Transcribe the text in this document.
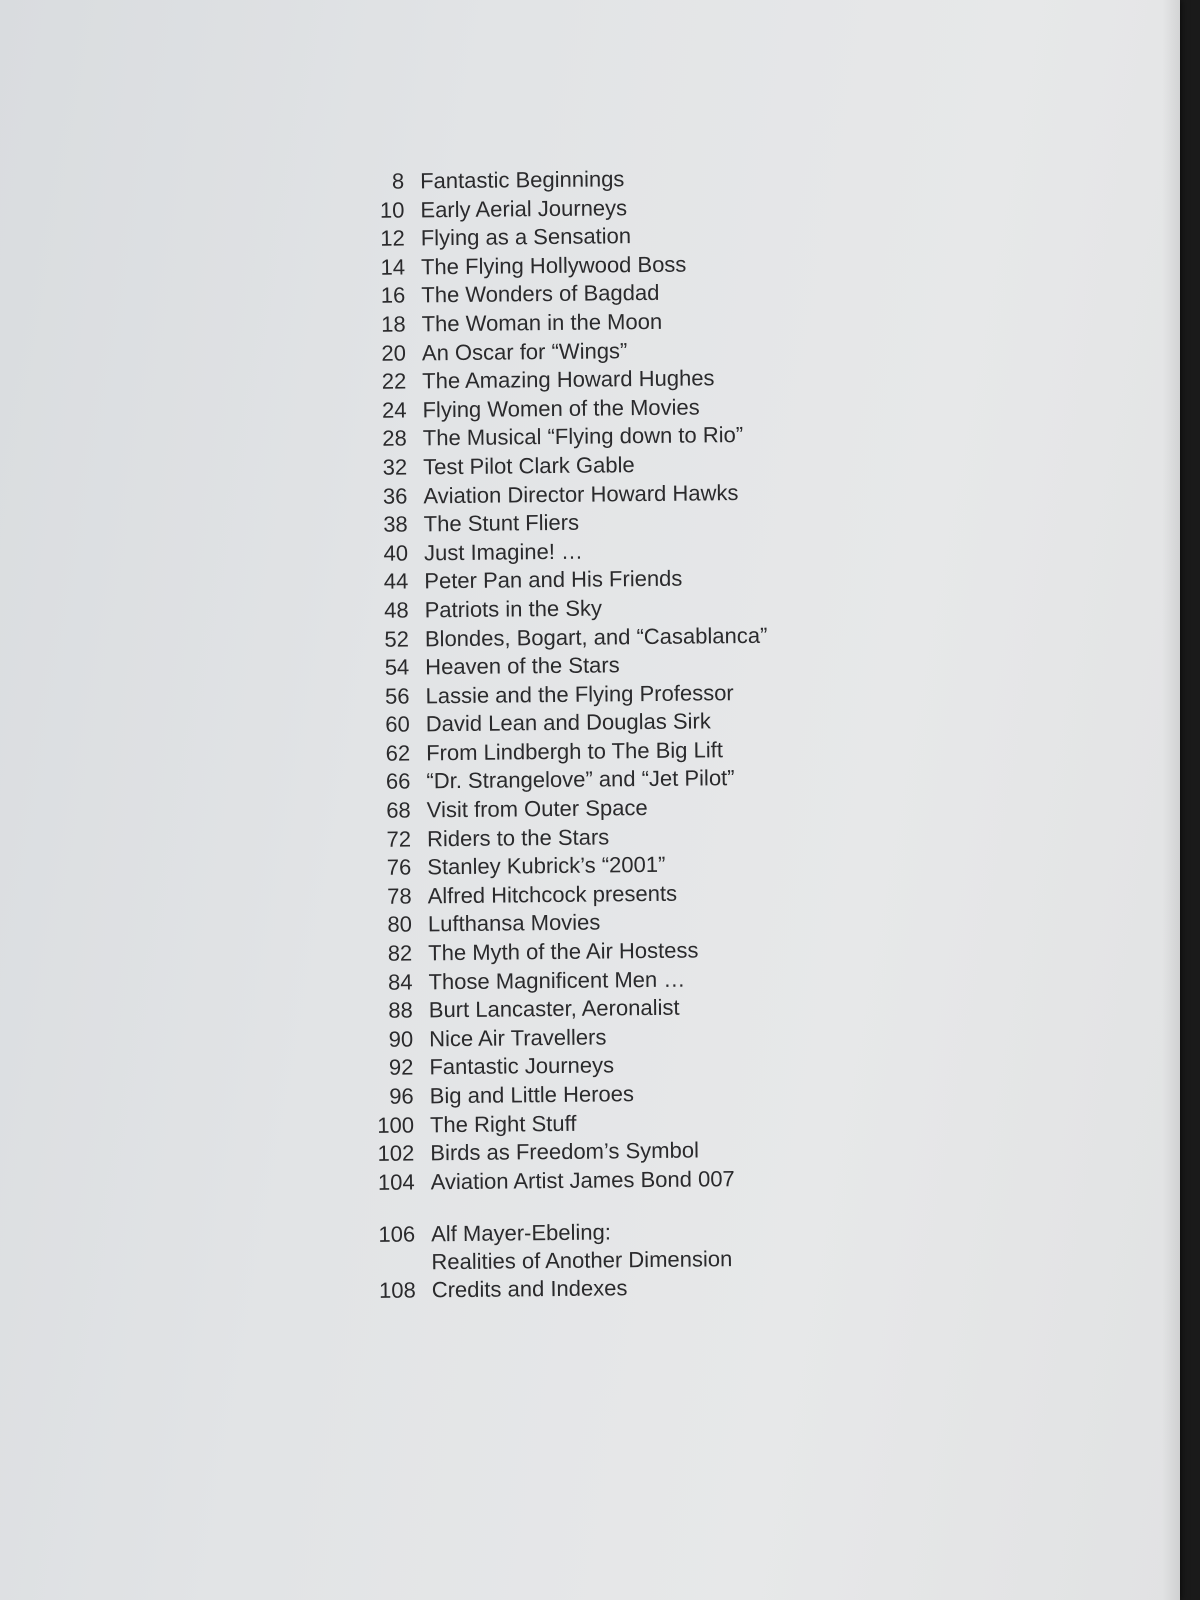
8 Fantastic Beginnings
10 Early Aerial Journeys
12 Flying as a Sensation
14 The Flying Hollywood Boss
16 The Wonders of Bagdad
18 The Woman in the Moon
20 An Oscar for “Wings”
22 The Amazing Howard Hughes
24 Flying Women of the Movies
28 The Musical “Flying down to Rio”
32 Test Pilot Clark Gable
36 Aviation Director Howard Hawks
38 The Stunt Fliers
40 Just Imagine! …
44 Peter Pan and His Friends
48 Patriots in the Sky
52 Blondes, Bogart, and “Casablanca”
54 Heaven of the Stars
56 Lassie and the Flying Professor
60 David Lean and Douglas Sirk
62 From Lindbergh to The Big Lift
66 “Dr. Strangelove” and “Jet Pilot”
68 Visit from Outer Space
72 Riders to the Stars
76 Stanley Kubrick’s “2001”
78 Alfred Hitchcock presents
80 Lufthansa Movies
82 The Myth of the Air Hostess
84 Those Magnificent Men …
88 Burt Lancaster, Aeronalist
90 Nice Air Travellers
92 Fantastic Journeys
96 Big and Little Heroes
100 The Right Stuff
102 Birds as Freedom’s Symbol
104 Aviation Artist James Bond 007
106 Alf Mayer-Ebeling:
Realities of Another Dimension
108 Credits and Indexes
